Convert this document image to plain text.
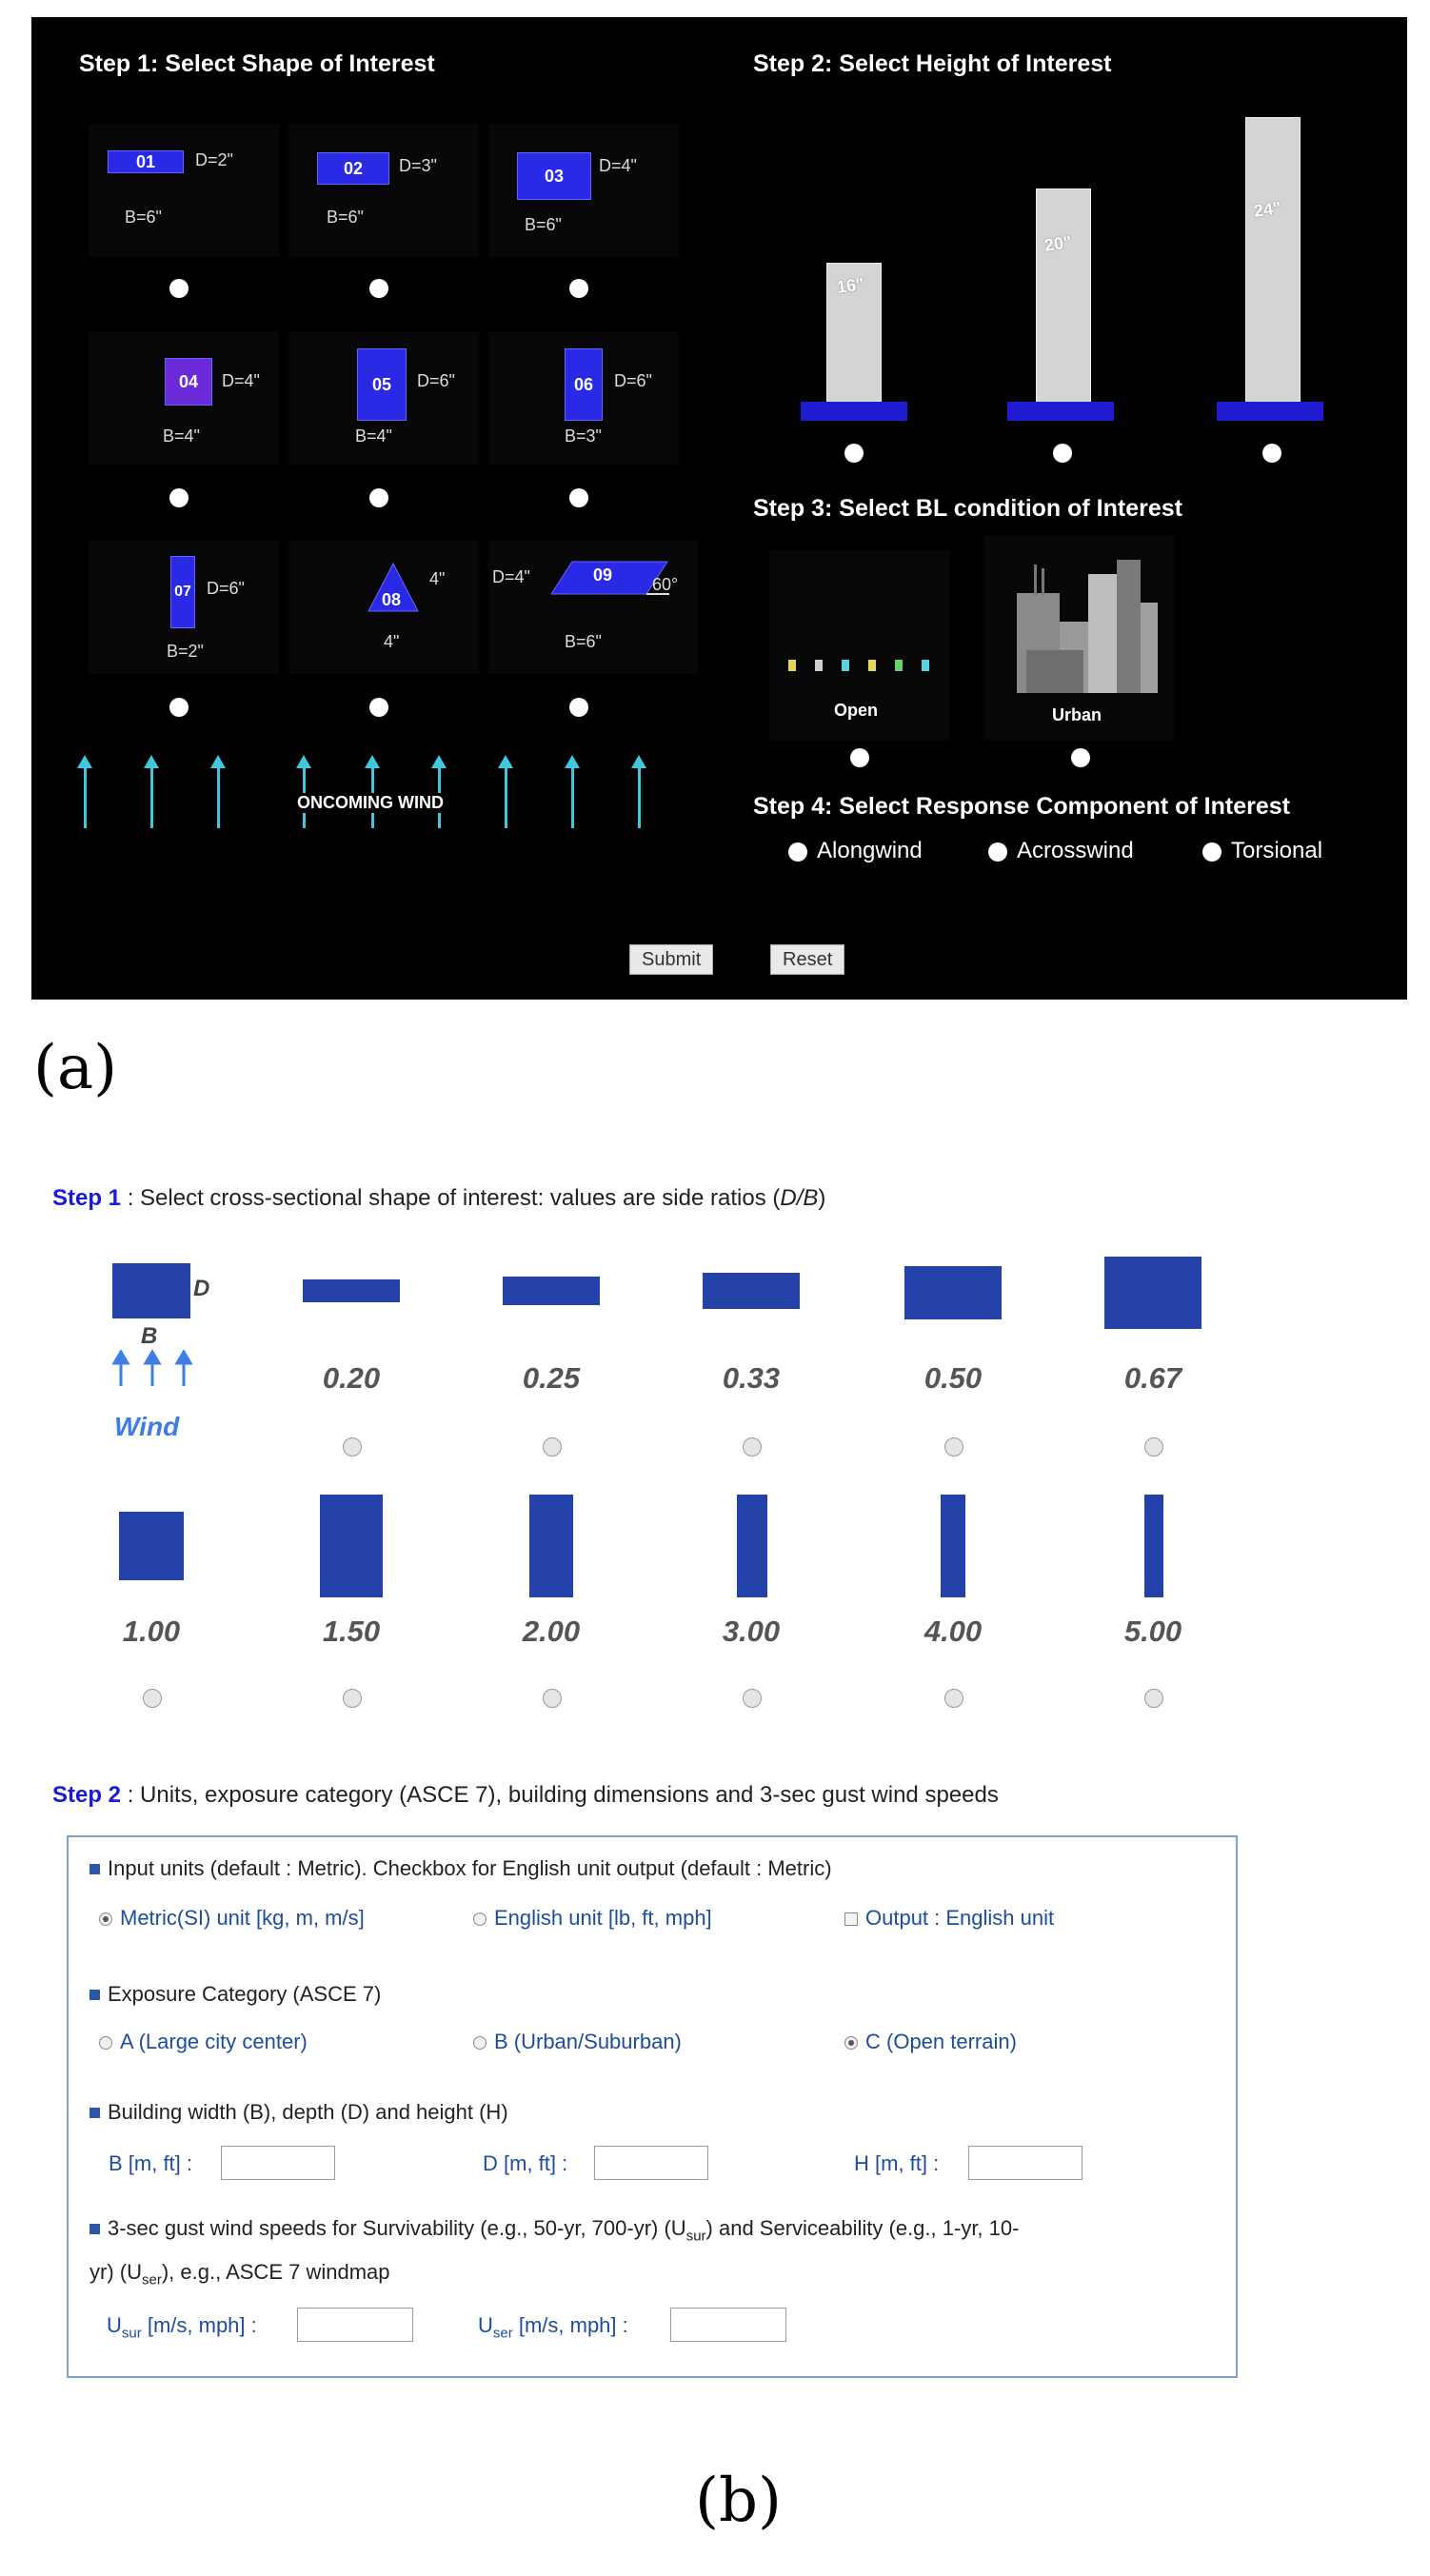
Step 1: Select Shape of Interest	Step 2: Select Height of Interest
01 D=2"
B=6"
02 D=3"
B=6"
03
D=4"
B=6"
04 D=4"
B=4"
05 D=6"
B=4"
06 D=6"
B=3"
07 D=6"
B=2"
08
4"
4"
09
D=4"	60°
B=6"
ONCOMING WIND
16"
20"
24"
Step 3: Select BL condition of Interest
Open	Urban
Step 4: Select Response Component of Interest
Alongwind	Acrosswind	Torsional
Submit	Reset
(a)
Step 1 : Select cross-sectional shape of interest: values are side ratios (D/B)
D
B
Wind
0.20	0.25	0.33	0.50	0.67
1.00	1.50	2.00	3.00	4.00	5.00
Step 2 : Units, exposure category (ASCE 7), building dimensions and 3-sec gust wind speeds
Input units (default : Metric). Checkbox for English unit output (default : Metric)
Metric(SI) unit [kg, m, m/s]	English unit [lb, ft, mph]	Output : English unit
Exposure Category (ASCE 7)
A (Large city center)	B (Urban/Suburban)	C (Open terrain)
Building width (B), depth (D) and height (H)
B [m, ft] :	D [m, ft] :	H [m, ft] :
3-sec gust wind speeds for Survivability (e.g., 50-yr, 700-yr) $(U_{sur})$ and Serviceability (e.g., 1-yr, 10-
yr) $(U_{ser})$, e.g., ASCE 7 windmap
$U_{sur}$ [m/s, mph] :	$U_{ser}$ [m/s, mph] :
(b)
